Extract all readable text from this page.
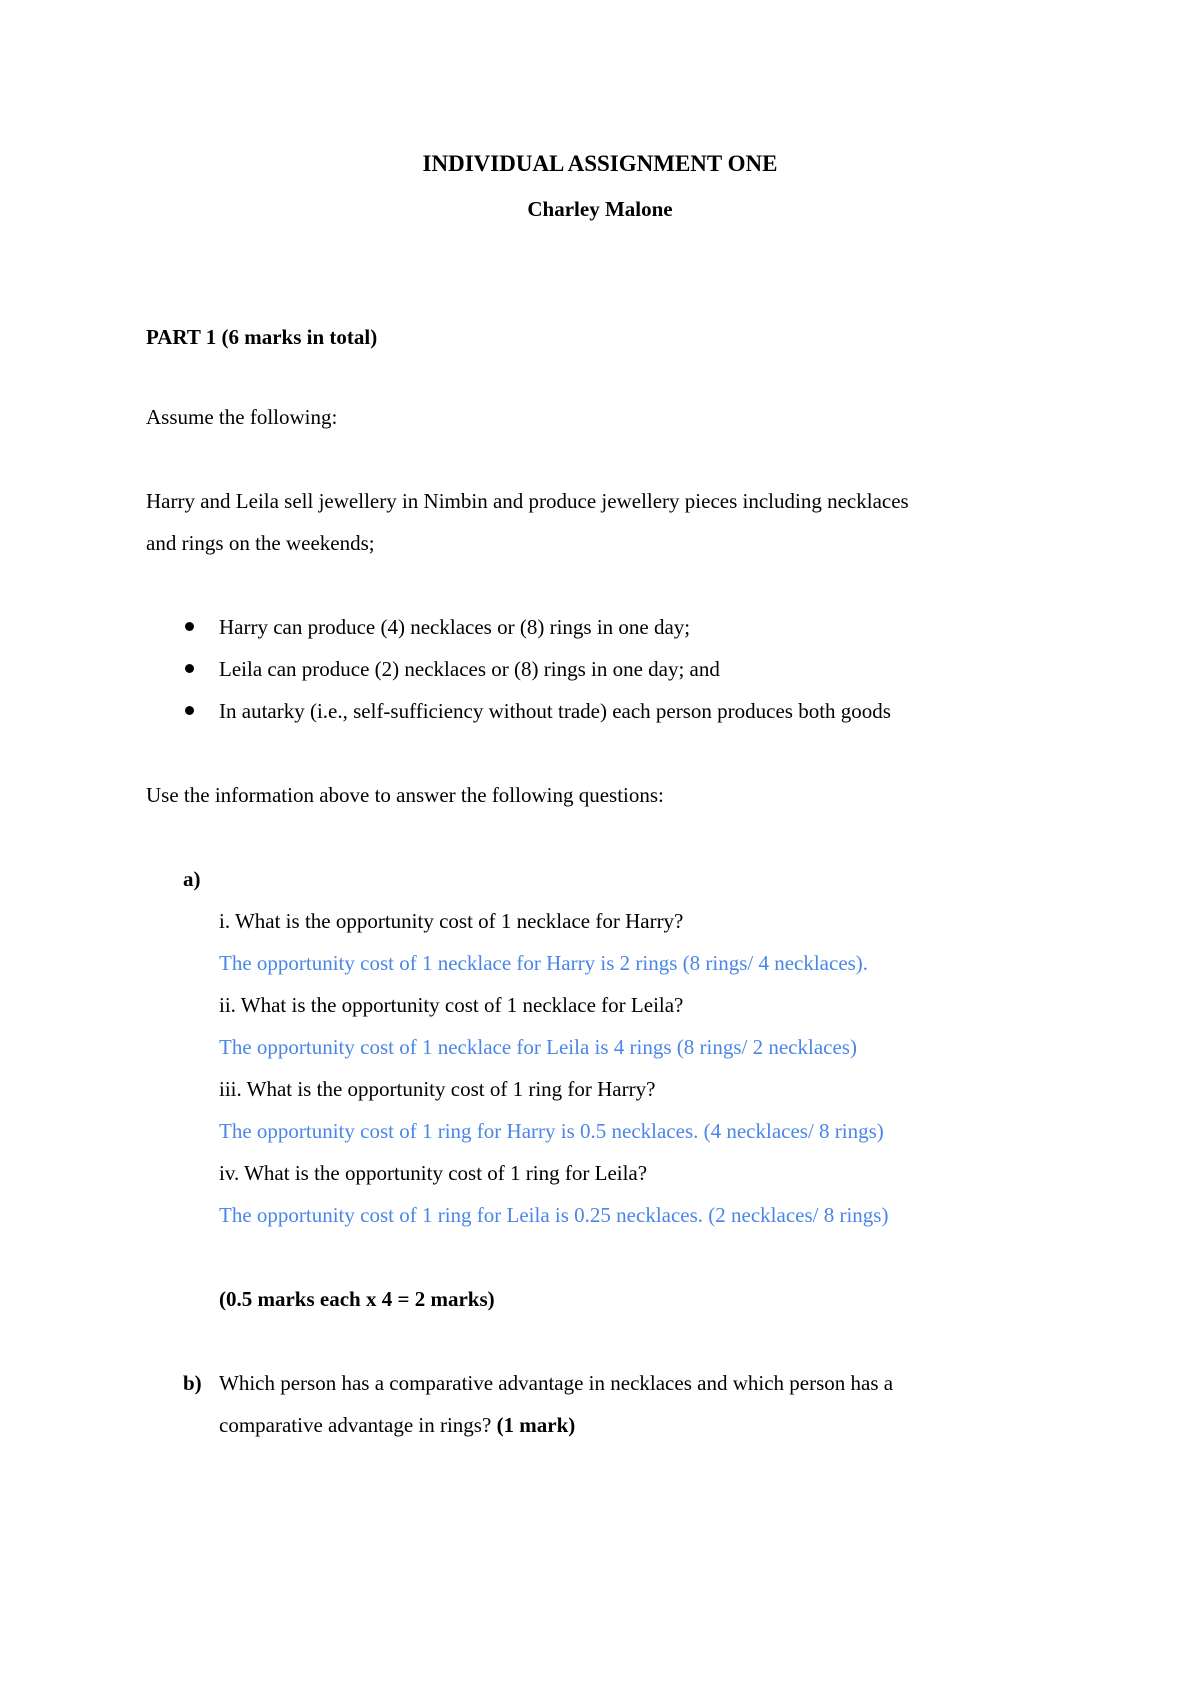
INDIVIDUAL ASSIGNMENT ONE
Charley Malone
PART 1 (6 marks in total)
Assume the following:
Harry and Leila sell jewellery in Nimbin and produce jewellery pieces including necklaces
and rings on the weekends;
Harry can produce (4) necklaces or (8) rings in one day;
Leila can produce (2) necklaces or (8) rings in one day; and
In autarky (i.e., self-sufficiency without trade) each person produces both goods
Use the information above to answer the following questions:
a)
i. What is the opportunity cost of 1 necklace for Harry?
The opportunity cost of 1 necklace for Harry is 2 rings (8 rings/ 4 necklaces).
ii. What is the opportunity cost of 1 necklace for Leila?
The opportunity cost of 1 necklace for Leila is 4 rings (8 rings/ 2 necklaces)
iii. What is the opportunity cost of 1 ring for Harry?
The opportunity cost of 1 ring for Harry is 0.5 necklaces. (4 necklaces/ 8 rings)
iv. What is the opportunity cost of 1 ring for Leila?
The opportunity cost of 1 ring for Leila is 0.25 necklaces. (2 necklaces/ 8 rings)
(0.5 marks each x 4 = 2 marks)
b) Which person has a comparative advantage in necklaces and which person has a
comparative advantage in rings? (1 mark)
